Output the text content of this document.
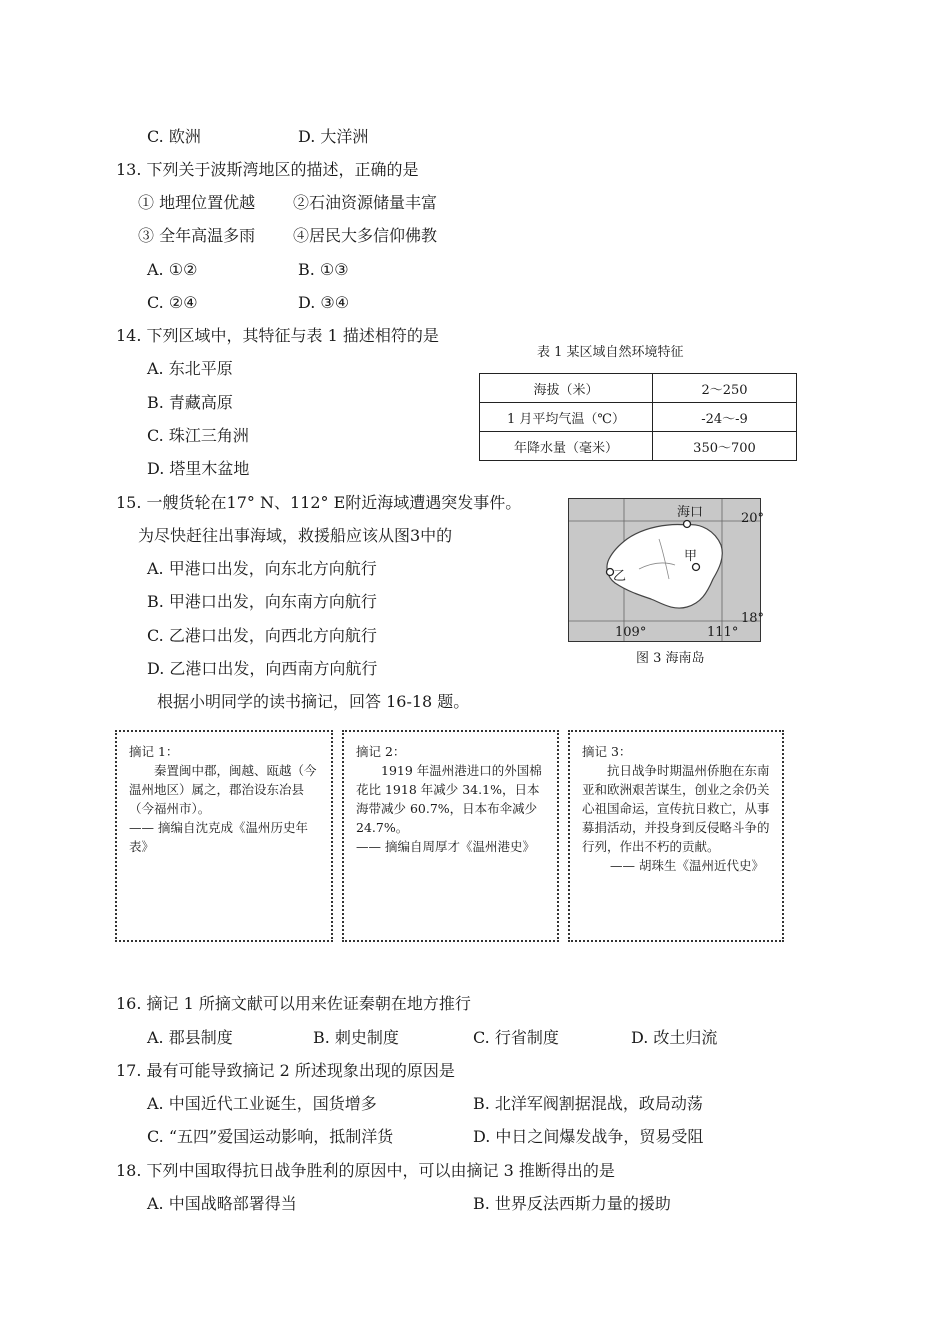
C. 欧洲	D. 大洋洲
13. 下列关于波斯湾地区的描述，正确的是
① 地理位置优越 ②石油资源储量丰富
③ 全年高温多雨 ④居民大多信仰佛教
A. ①②	B. ①③
C. ②④	D. ③④
14. 下列区域中，其特征与表 1 描述相符的是
A. 东北平原
B. 青藏高原
C. 珠江三角洲
D. 塔里木盆地
表 1 某区域自然环境特征
海拔（米）	2～250
1 月平均气温（℃）	-24～-9
年降水量（毫米）	350～700
15. 一艘货轮在17° N、112° E附近海域遭遇突发事件。
为尽快赶往出事海域，救援船应该从图3中的
A. 甲港口出发，向东北方向航行
B. 甲港口出发，向东南方向航行
C. 乙港口出发，向西北方向航行
D. 乙港口出发，向西南方向航行
海口
甲
乙
20°
18°
109°	111°
图 3 海南岛
根据小明同学的读书摘记，回答 16-18 题。
摘记 1：
秦置闽中郡，闽越、瓯越（今温州地区）属之，郡治设东冶县（今福州市）。
—— 摘编自沈克成《温州历史年表》
摘记 2：
1919 年温州港进口的外国棉花比 1918 年减少 34.1%，日本海带减少 60.7%，日本布伞减少 24.7%。
—— 摘编自周厚才《温州港史》
摘记 3：
抗日战争时期温州侨胞在东南亚和欧洲艰苦谋生，创业之余仍关心祖国命运，宣传抗日救亡，从事募捐活动，并投身到反侵略斗争的行列，作出不朽的贡献。
—— 胡珠生《温州近代史》
16. 摘记 1 所摘文献可以用来佐证秦朝在地方推行
A. 郡县制度	B. 刺史制度	C. 行省制度	D. 改土归流
17. 最有可能导致摘记 2 所述现象出现的原因是
A. 中国近代工业诞生，国货增多	B. 北洋军阀割据混战，政局动荡
C. “五四”爱国运动影响，抵制洋货	D. 中日之间爆发战争，贸易受阻
18. 下列中国取得抗日战争胜利的原因中，可以由摘记 3 推断得出的是
A. 中国战略部署得当	B. 世界反法西斯力量的援助
